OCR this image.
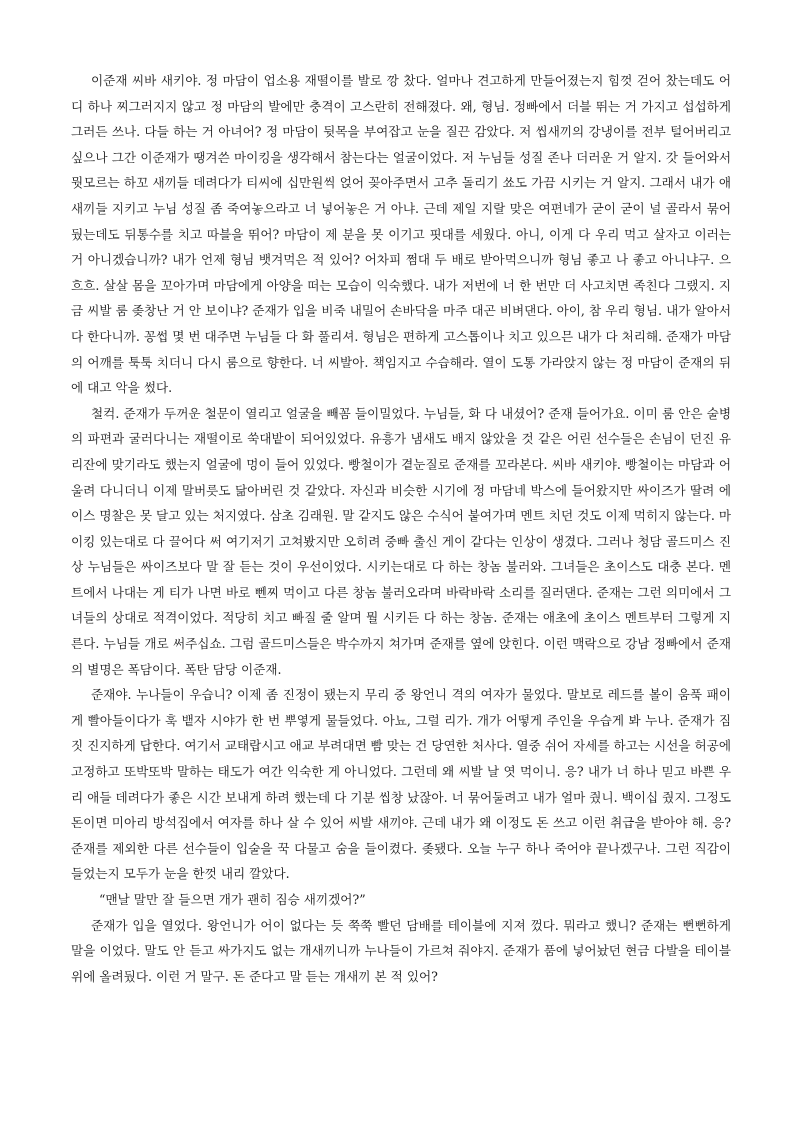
이준재 씨바 새키야. 정 마담이 업소용 재떨이를 발로 깡 찼다. 얼마나 견고하게 만들어졌는지 힘껏 걷어 찼는데도 어디 하나 찌그러지지 않고 정 마담의 발에만 충격이 고스란히 전해졌다. 왜, 형님. 정빠에서 더블 뛰는 거 가지고 섭섭하게 그러든 쓰나. 다들 하는 거 아녀어? 정 마담이 뒷목을 부여잡고 눈을 질끈 감았다. 저 씹새끼의 강냉이를 전부 털어버리고 싶으나 그간 이준재가 땡겨쓴 마이킹을 생각해서 참는다는 얼굴이었다. 저 누님들 성질 존나 더러운 거 알지. 갓 들어와서 뭣모르는 하꼬 새끼들 데려다가 티씨에 십만원씩 얹어 꽂아주면서 고추 돌리기 쑈도 가끔 시키는 거 알지. 그래서 내가 애새끼들 지키고 누님 성질 좀 죽여놓으라고 너 넣어놓은 거 아냐. 근데 제일 지랄 맞은 여편네가 굳이 굳이 널 골라서 묶어뒀는데도 뒤통수를 치고 따블을 뛰어? 마담이 제 분을 못 이기고 핏대를 세웠다. 아니, 이게 다 우리 먹고 살자고 이러는 거 아니겠습니까? 내가 언제 형님 뱃겨먹은 적 있어? 어차피 쩜대 두 배로 받아먹으니까 형님 좋고 나 좋고 아니냐구. 으흐흐. 살살 몸을 꼬아가며 마담에게 아양을 떠는 모습이 익숙했다. 내가 저번에 너 한 번만 더 사고치면 족친다 그랬지. 지금 씨발 룸 좆창난 거 안 보이냐? 준재가 입을 비죽 내밀어 손바닥을 마주 대곤 비벼댄다. 아이, 참 우리 형님. 내가 알아서 다 한다니까. 꽁썹 몇 번 대주면 누님들 다 화 풀리셔. 형님은 편하게 고스톱이나 치고 있으믄 내가 다 처리해. 준재가 마담의 어깨를 툭툭 치더니 다시 룸으로 향한다. 너 씨발아. 책임지고 수습해라. 열이 도통 가라앉지 않는 정 마담이 준재의 뒤에 대고 악을 썼다.

철컥. 준재가 두꺼운 철문이 열리고 얼굴을 빼꼼 들이밀었다. 누님들, 화 다 내셨어? 준재 들어가요. 이미 룸 안은 술병의 파편과 굴러다니는 재떨이로 쑥대밭이 되어있었다. 유흥가 냄새도 배지 않았을 것 같은 어린 선수들은 손님이 던진 유리잔에 맞기라도 했는지 얼굴에 멍이 들어 있었다. 빵철이가 곁눈질로 준재를 꼬라본다. 씨바 새키야. 빵철이는 마담과 어울려 다니더니 이제 말버릇도 닮아버린 것 같았다. 자신과 비슷한 시기에 정 마담네 박스에 들어왔지만 싸이즈가 딸려 에이스 명찰은 못 달고 있는 처지였다. 삼초 김래원. 말 같지도 않은 수식어 붙여가며 멘트 치던 것도 이제 먹히지 않는다. 마이킹 있는대로 다 끌어다 써 여기저기 고쳐봤지만 오히려 중빠 출신 게이 같다는 인상이 생겼다. 그러나 청담 골드미스 진상 누님들은 싸이즈보다 말 잘 듣는 것이 우선이었다. 시키는대로 다 하는 창놈 불러와. 그녀들은 초이스도 대충 본다. 멘트에서 나대는 게 티가 나면 바로 뻰찌 먹이고 다른 창놈 불러오라며 바락바락 소리를 질러댄다. 준재는 그런 의미에서 그녀들의 상대로 적격이었다. 적당히 치고 빠질 줄 알며 뭘 시키든 다 하는 창놈. 준재는 애초에 초이스 멘트부터 그렇게 지른다. 누님들 개로 써주십쇼. 그럼 골드미스들은 박수까지 쳐가며 준재를 옆에 앉힌다. 이런 맥락으로 강남 정빠에서 준재의 별명은 폭담이다. 폭탄 담당 이준재.

준재야. 누나들이 우습니? 이제 좀 진정이 됐는지 무리 중 왕언니 격의 여자가 물었다. 말보로 레드를 볼이 움푹 패이게 빨아들이다가 훅 뱉자 시야가 한 번 뿌옇게 물들었다. 아뇨, 그럴 리가. 개가 어떻게 주인을 우습게 봐 누나. 준재가 짐짓 진지하게 답한다. 여기서 교태랍시고 애교 부려대면 빰 맞는 건 당연한 처사다. 열중 쉬어 자세를 하고는 시선을 허공에 고정하고 또박또박 말하는 태도가 여간 익숙한 게 아니었다. 그런데 왜 씨발 날 엿 먹이니. 응? 내가 너 하나 믿고 바쁜 우리 애들 데려다가 좋은 시간 보내게 하려 했는데 다 기분 씹창 났잖아. 너 묶어둘려고 내가 얼마 줬니. 백이십 줬지. 그정도 돈이면 미아리 방석집에서 여자를 하나 살 수 있어 씨발 새끼야. 근데 내가 왜 이정도 돈 쓰고 이런 취급을 받아야 해. 응? 준재를 제외한 다른 선수들이 입술을 꾹 다물고 숨을 들이켰다. 좆됐다. 오늘 누구 하나 죽어야 끝나겠구나. 그런 직감이 들었는지 모두가 눈을 한껏 내리 깔았다.

“맨날 말만 잘 들으면 개가 괜히 짐승 새끼겠어?”

준재가 입을 열었다. 왕언니가 어이 없다는 듯 쭉쭉 빨던 담배를 테이블에 지져 껐다. 뭐라고 했니? 준재는 뻔뻔하게 말을 이었다. 말도 안 듣고 싸가지도 없는 개새끼니까 누나들이 가르쳐 줘야지. 준재가 품에 넣어놨던 현금 다발을 테이블 위에 올려뒀다. 이런 거 말구. 돈 준다고 말 듣는 개새끼 본 적 있어?
